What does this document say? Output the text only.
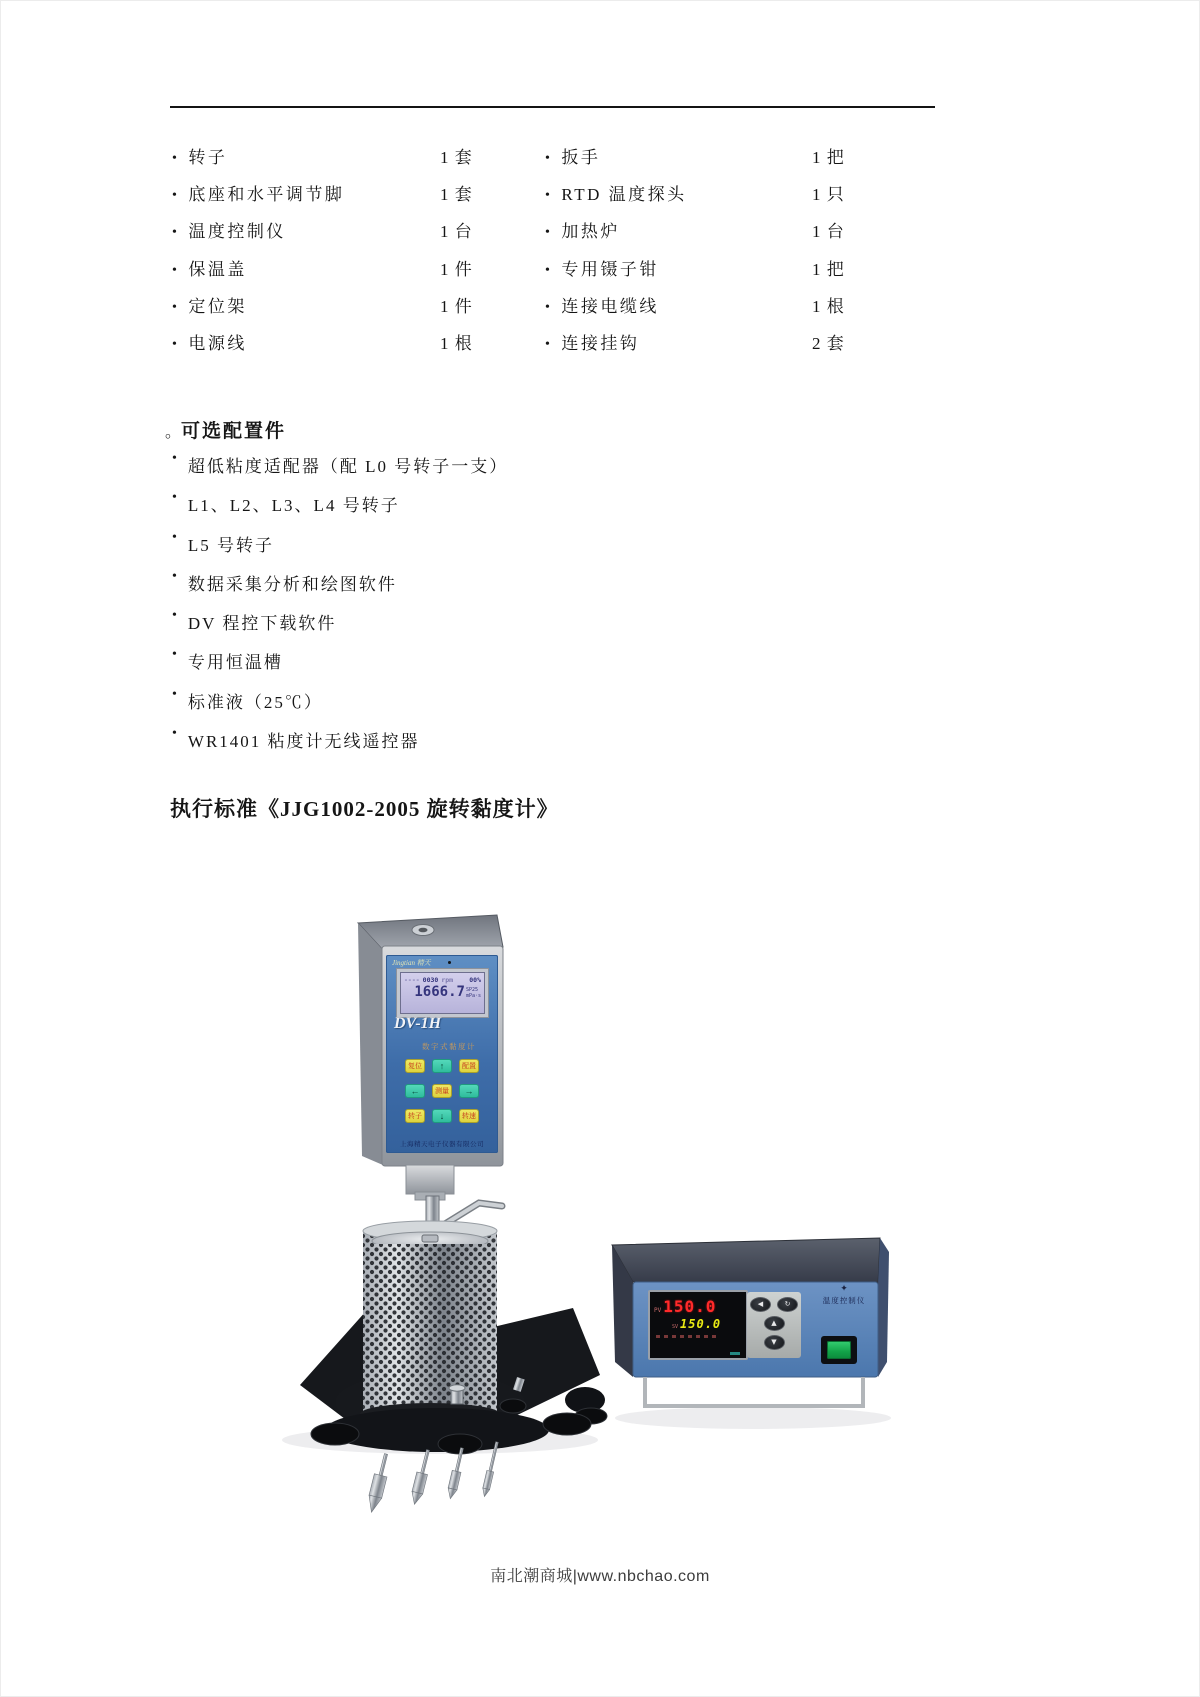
• 转子	1 套	• 扳手	1 把
• 底座和水平调节脚	1 套	• RTD 温度探头	1 只
• 温度控制仪	1 台	• 加热炉	1 台
• 保温盖	1 件	• 专用镊子钳	1 把
• 定位架	1 件	• 连接电缆线	1 根
• 电源线	1 根	• 连接挂钩	2 套
。可选配置件
• 超低粘度适配器（配 L0 号转子一支）
• L1、L2、L3、L4 号转子
• L5 号转子
• 数据采集分析和绘图软件
• DV 程控下载软件
• 专用恒温槽
• 标准液（25℃）
• WR1401 粘度计无线遥控器
执行标准《JJG1002-2005 旋转黏度计》
Jingtian 精天
---- 0030 rpm 00%
1666.7 SP25
mPa·s
DV-1H
数字式黏度计
复位	↑	配置
←	测量	→
转子	↓	转速
上海精天电子仪器有限公司
PV 150.0
SV 150.0
◀	↻
▲
▼
✦
温度控制仪
南北潮商城|www.nbchao.com
